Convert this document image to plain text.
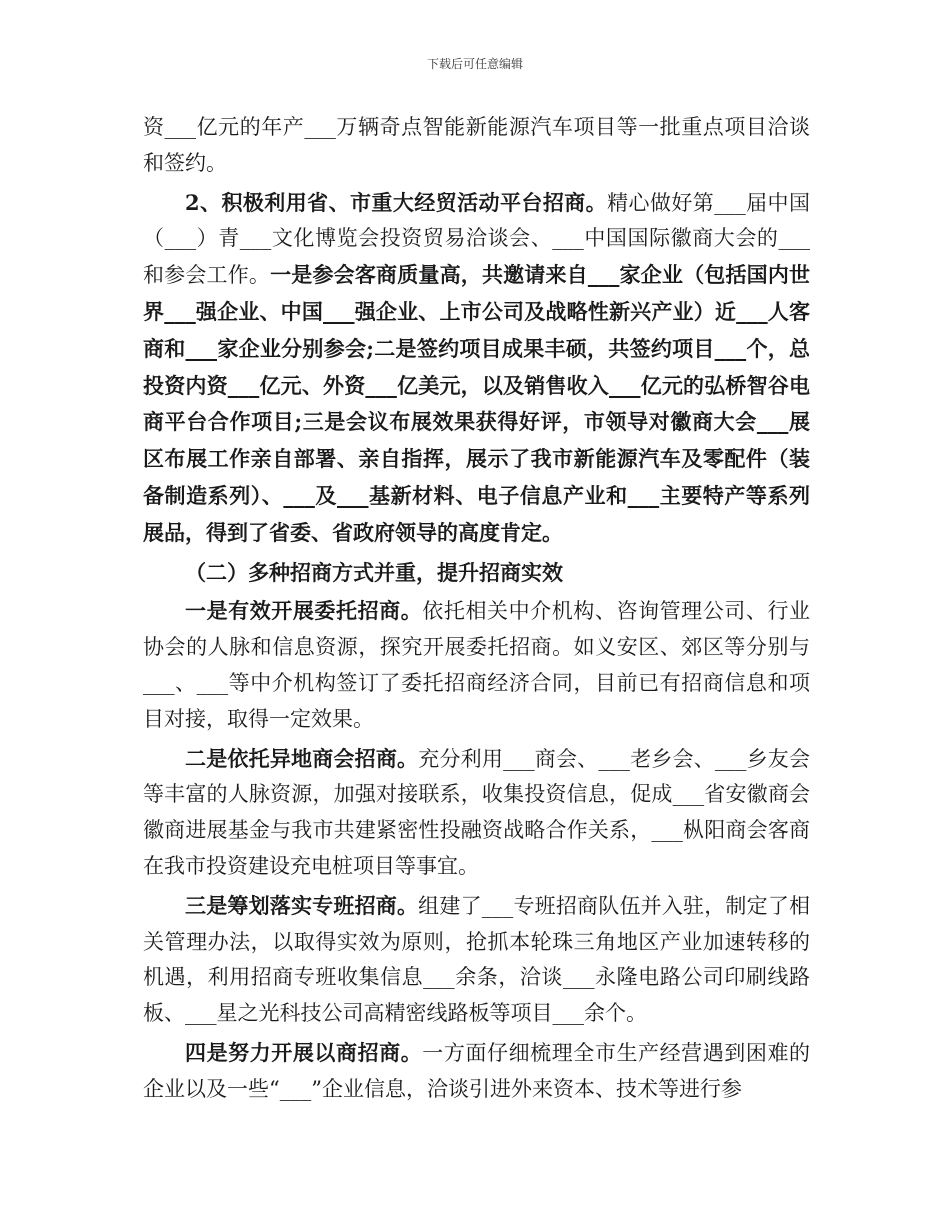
下载后可任意编辑

资___亿元的年产___万辆奇点智能新能源汽车项目等一批重点项目洽谈和签约。

2、积极利用省、市重大经贸活动平台招商。精心做好第___届中国（___）青___文化博览会投资贸易洽谈会、___中国国际徽商大会的___和参会工作。一是参会客商质量高，共邀请来自___家企业（包括国内世界___强企业、中国___强企业、上市公司及战略性新兴产业）近___人客商和___家企业分别参会;二是签约项目成果丰硕，共签约项目___个，总投资内资___亿元、外资___亿美元，以及销售收入___亿元的弘桥智谷电商平台合作项目;三是会议布展效果获得好评，市领导对徽商大会___展区布展工作亲自部署、亲自指挥，展示了我市新能源汽车及零配件（装备制造系列）、___及___基新材料、电子信息产业和___主要特产等系列展品，得到了省委、省政府领导的高度肯定。

（二）多种招商方式并重，提升招商实效

一是有效开展委托招商。依托相关中介机构、咨询管理公司、行业协会的人脉和信息资源，探究开展委托招商。如义安区、郊区等分别与___、___等中介机构签订了委托招商经济合同，目前已有招商信息和项目对接，取得一定效果。

二是依托异地商会招商。充分利用___商会、___老乡会、___乡友会等丰富的人脉资源，加强对接联系，收集投资信息，促成___省安徽商会徽商进展基金与我市共建紧密性投融资战略合作关系，___枞阳商会客商在我市投资建设充电桩项目等事宜。

三是筹划落实专班招商。组建了___专班招商队伍并入驻，制定了相关管理办法，以取得实效为原则，抢抓本轮珠三角地区产业加速转移的机遇，利用招商专班收集信息___余条，洽谈___永隆电路公司印刷线路板、___星之光科技公司高精密线路板等项目___余个。

四是努力开展以商招商。一方面仔细梳理全市生产经营遇到困难的企业以及一些“___”企业信息，洽谈引进外来资本、技术等进行参
